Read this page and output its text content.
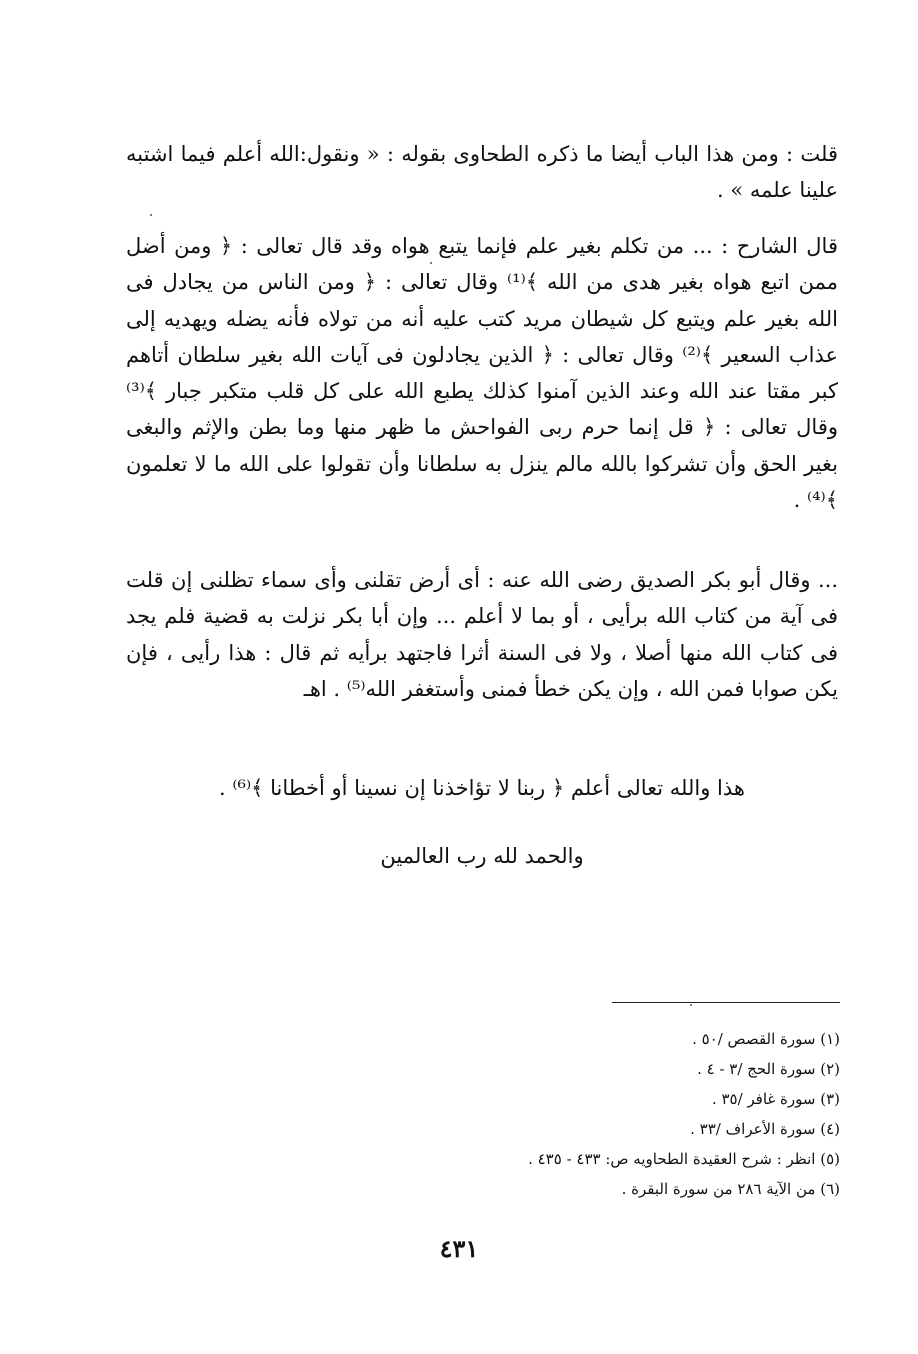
قلت : ومن هذا الباب أيضا ما ذكره الطحاوى بقوله : « ونقول:الله أعلم فيما اشتبه علينا علمه » .

قال الشارح : ... من تكلم بغير علم فإنما يتبع هواه وقد قال تعالى : ﴿ ومن أضل ممن اتبع هواه بغير هدى من الله ﴾⁽¹⁾ وقال تعالى : ﴿ ومن الناس من يجادل فى الله بغير علم ويتبع كل شيطان مريد كتب عليه أنه من تولاه فأنه يضله ويهديه إلى عذاب السعير ﴾⁽²⁾ وقال تعالى : ﴿ الذين يجادلون فى آيات الله بغير سلطان أتاهم كبر مقتا عند الله وعند الذين آمنوا كذلك يطبع الله على كل قلب متكبر جبار ﴾⁽³⁾ وقال تعالى : ﴿ قل إنما حرم ربى الفواحش ما ظهر منها وما بطن والإثم والبغى بغير الحق وأن تشركوا بالله مالم ينزل به سلطانا وأن تقولوا على الله ما لا تعلمون ﴾⁽⁴⁾ .

... وقال أبو بكر الصديق رضى الله عنه : أى أرض تقلنى وأى سماء تظلنى إن قلت فى آية من كتاب الله برأيى ، أو بما لا أعلم ... وإن أبا بكر نزلت به قضية فلم يجد فى كتاب الله منها أصلا ، ولا فى السنة أثرا فاجتهد برأيه ثم قال : هذا رأيى ، فإن يكن صوابا فمن الله ، وإن يكن خطأ فمنى وأستغفر الله⁽⁵⁾ . اهـ

هذا والله تعالى أعلم ﴿ ربنا لا تؤاخذنا إن نسينا أو أخطانا ﴾⁽⁶⁾ .

والحمد لله رب العالمين

(١) سورة القصص /٥٠ .
(٢) سورة الحج /٣ - ٤ .
(٣) سورة غافر /٣٥ .
(٤) سورة الأعراف /٣٣ .
(٥) انظر : شرح العقيدة الطحاويه ص: ٤٣٣ - ٤٣٥ .
(٦) من الآية ٢٨٦ من سورة البقرة .

٤٣١
